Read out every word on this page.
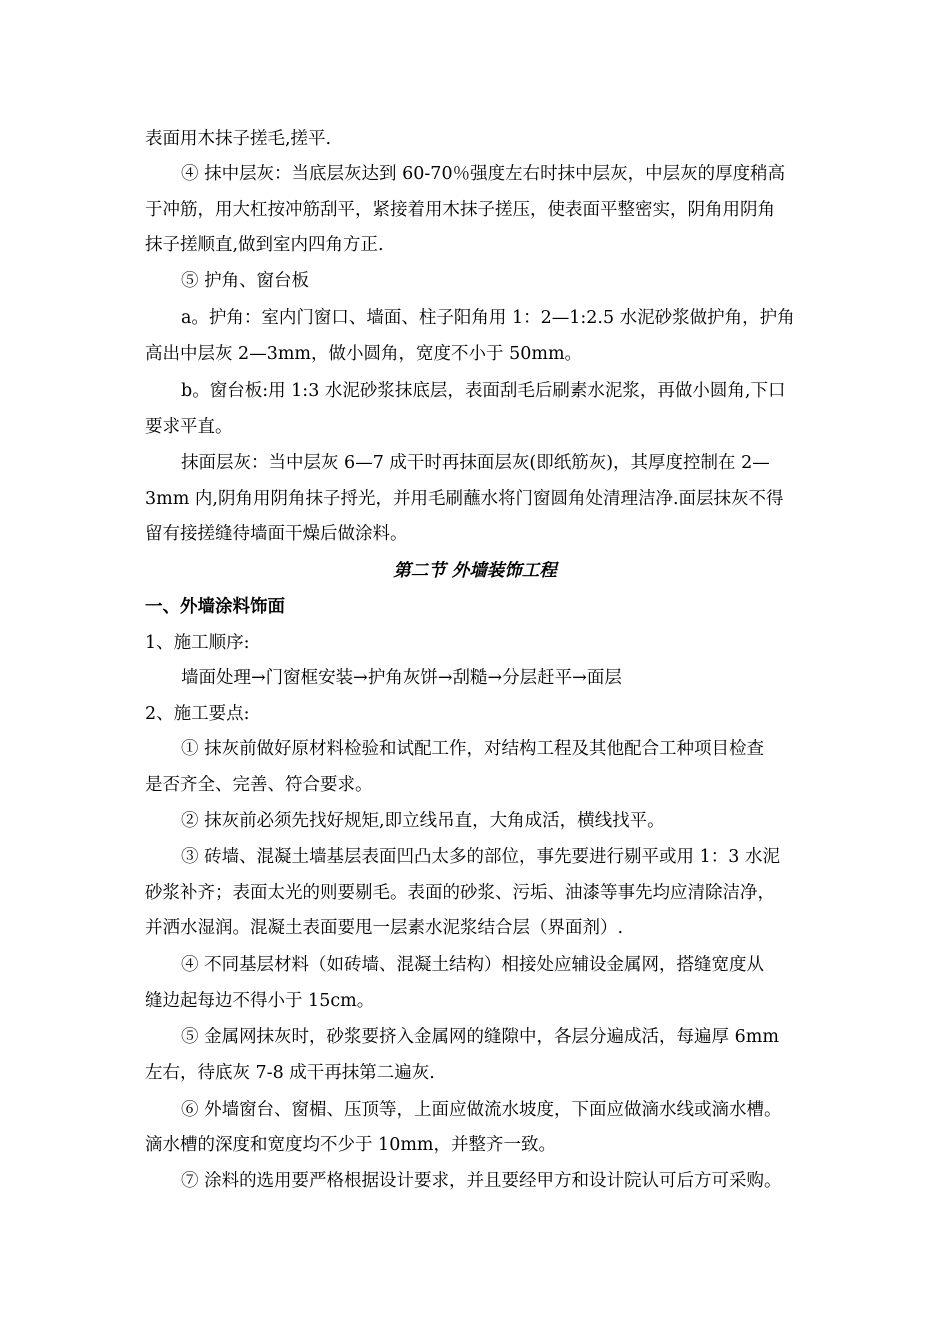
表面用木抹子搓毛,搓平.
④ 抹中层灰：当底层灰达到 60-70％强度左右时抹中层灰，中层灰的厚度稍高
于冲筋，用大杠按冲筋刮平，紧接着用木抹子搓压，使表面平整密实，阴角用阴角
抹子搓顺直,做到室内四角方正.
⑤ 护角、窗台板
a。护角：室内门窗口、墙面、柱子阳角用 1：2—1:2.5 水泥砂浆做护角，护角
高出中层灰 2—3mm，做小圆角，宽度不小于 50mm。
b。窗台板:用 1:3 水泥砂浆抹底层，表面刮毛后刷素水泥浆，再做小圆角,下口
要求平直。
抹面层灰：当中层灰 6—7 成干时再抹面层灰(即纸筋灰)，其厚度控制在 2—
3mm 内,阴角用阴角抹子捋光，并用毛刷蘸水将门窗圆角处清理洁净.面层抹灰不得
留有接搓缝待墙面干燥后做涂料。
第二节 外墙装饰工程
一、外墙涂料饰面
1、施工顺序:
墙面处理→门窗框安装→护角灰饼→刮糙→分层赶平→面层
2、施工要点:
① 抹灰前做好原材料检验和试配工作，对结构工程及其他配合工种项目检查
是否齐全、完善、符合要求。
② 抹灰前必须先找好规矩,即立线吊直，大角成活，横线找平。
③ 砖墙、混凝土墙基层表面凹凸太多的部位，事先要进行剔平或用 1：3 水泥
砂浆补齐；表面太光的则要剔毛。表面的砂浆、污垢、油漆等事先均应清除洁净，
并洒水湿润。混凝土表面要甩一层素水泥浆结合层（界面剂）.
④ 不同基层材料（如砖墙、混凝土结构）相接处应辅设金属网，搭缝宽度从
缝边起每边不得小于 15cm。
⑤ 金属网抹灰时，砂浆要挤入金属网的缝隙中，各层分遍成活，每遍厚 6mm
左右，待底灰 7-8 成干再抹第二遍灰.
⑥ 外墙窗台、窗楣、压顶等，上面应做流水坡度，下面应做滴水线或滴水槽。
滴水槽的深度和宽度均不少于 10mm，并整齐一致。
⑦ 涂料的选用要严格根据设计要求，并且要经甲方和设计院认可后方可采购。
